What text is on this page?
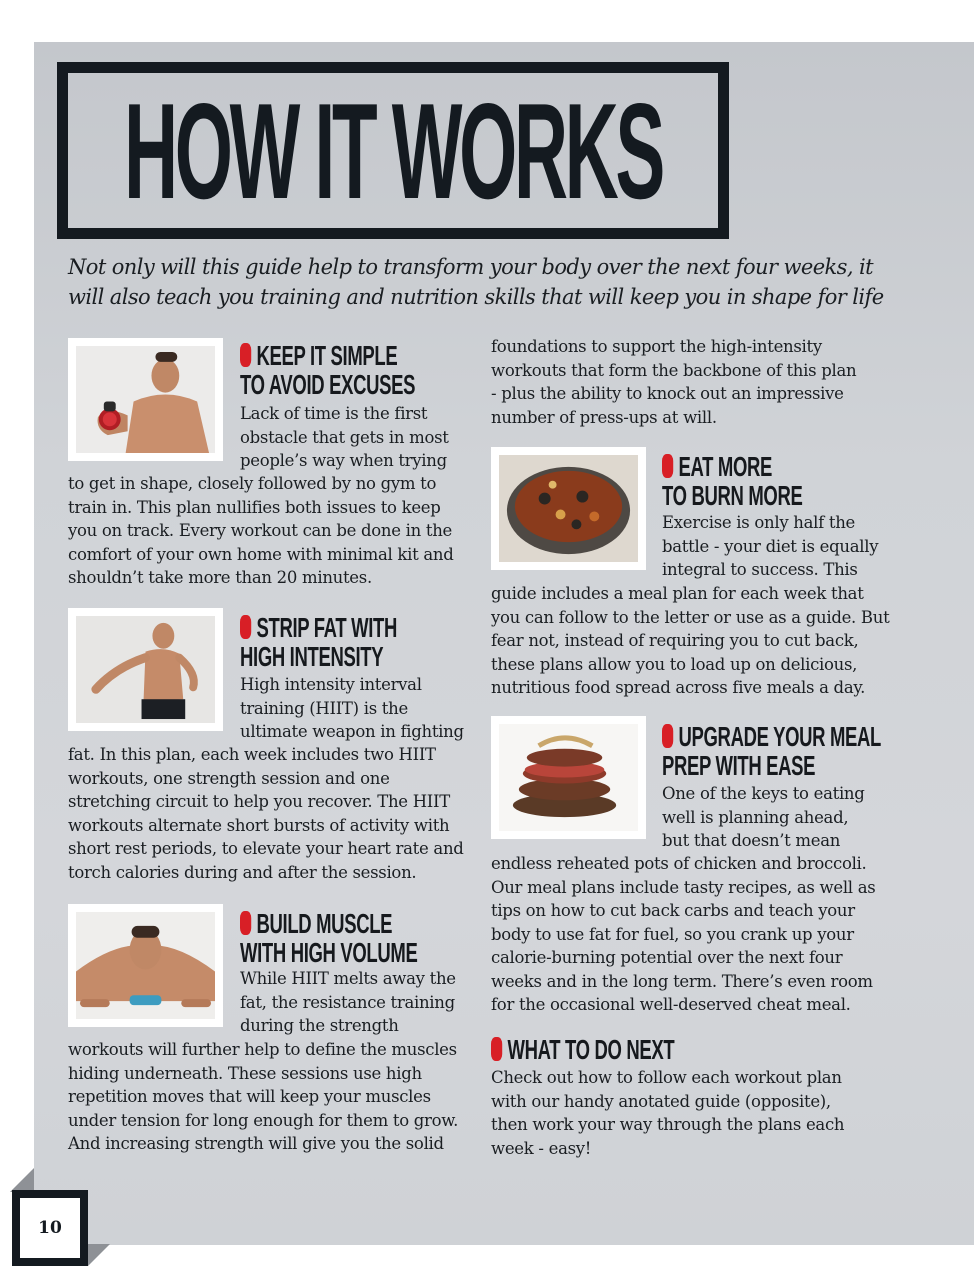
HOW IT WORKS
Not only will this guide help to transform your body over the next four weeks, it
will also teach you training and nutrition skills that will keep you in shape for life
KEEP IT SIMPLE
TO AVOID EXCUSES
Lack of time is the first
obstacle that gets in most
people’s way when trying
to get in shape, closely followed by no gym to
train in. This plan nullifies both issues to keep
you on track. Every workout can be done in the
comfort of your own home with minimal kit and
shouldn’t take more than 20 minutes.
STRIP FAT WITH
HIGH INTENSITY
High intensity interval
training (HIIT) is the
ultimate weapon in fighting
fat. In this plan, each week includes two HIIT
workouts, one strength session and one
stretching circuit to help you recover. The HIIT
workouts alternate short bursts of activity with
short rest periods, to elevate your heart rate and
torch calories during and after the session.
BUILD MUSCLE
WITH HIGH VOLUME
While HIIT melts away the
fat, the resistance training
during the strength
workouts will further help to define the muscles
hiding underneath. These sessions use high
repetition moves that will keep your muscles
under tension for long enough for them to grow.
And increasing strength will give you the solid
foundations to support the high-intensity
workouts that form the backbone of this plan
- plus the ability to knock out an impressive
number of press-ups at will.
EAT MORE
TO BURN MORE
Exercise is only half the
battle - your diet is equally
integral to success. This
guide includes a meal plan for each week that
you can follow to the letter or use as a guide. But
fear not, instead of requiring you to cut back,
these plans allow you to load up on delicious,
nutritious food spread across five meals a day.
UPGRADE YOUR MEAL
PREP WITH EASE
One of the keys to eating
well is planning ahead,
but that doesn’t mean
endless reheated pots of chicken and broccoli.
Our meal plans include tasty recipes, as well as
tips on how to cut back carbs and teach your
body to use fat for fuel, so you crank up your
calorie-burning potential over the next four
weeks and in the long term. There’s even room
for the occasional well-deserved cheat meal.
WHAT TO DO NEXT
Check out how to follow each workout plan
with our handy anotated guide (opposite),
then work your way through the plans each
week - easy!
10
